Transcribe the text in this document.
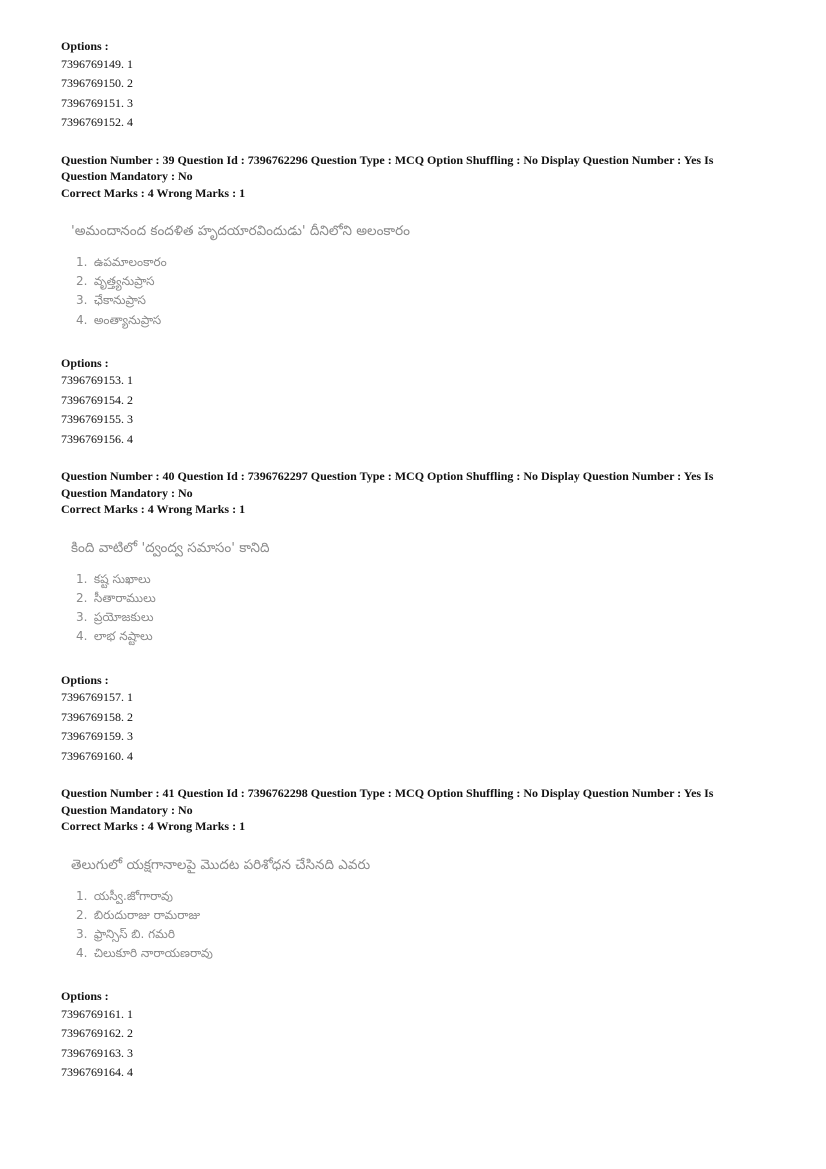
Options :
7396769149. 1
7396769150. 2
7396769151. 3
7396769152. 4
Question Number : 39 Question Id : 7396762296 Question Type : MCQ Option Shuffling : No Display Question Number : Yes Is
Question Mandatory : No
Correct Marks : 4 Wrong Marks : 1
'అమందానంద కందళిత హృదయారవిందుడు' దీనిలోని అలంకారం
1. ఉపమాలంకారం
2. వృత్త్యనుప్రాస
3. ఛేకానుప్రాస
4. అంత్యానుప్రాస
Options :
7396769153. 1
7396769154. 2
7396769155. 3
7396769156. 4
Question Number : 40 Question Id : 7396762297 Question Type : MCQ Option Shuffling : No Display Question Number : Yes Is
Question Mandatory : No
Correct Marks : 4 Wrong Marks : 1
కింది వాటిలో 'ద్వంద్వ సమాసం' కానిది
1. కష్ట సుఖాలు
2. సీతారాములు
3. ప్రయోజకులు
4. లాభ నష్టాలు
Options :
7396769157. 1
7396769158. 2
7396769159. 3
7396769160. 4
Question Number : 41 Question Id : 7396762298 Question Type : MCQ Option Shuffling : No Display Question Number : Yes Is
Question Mandatory : No
Correct Marks : 4 Wrong Marks : 1
తెలుగులో యక్షగానాలపై మొదట పరిశోధన చేసినది ఎవరు
1. యస్వీ.జోగారావు
2. బిరుదురాజు రామరాజు
3. ఫ్రాన్సిస్ బి. గమరి
4. చిలుకూరి నారాయణరావు
Options :
7396769161. 1
7396769162. 2
7396769163. 3
7396769164. 4
